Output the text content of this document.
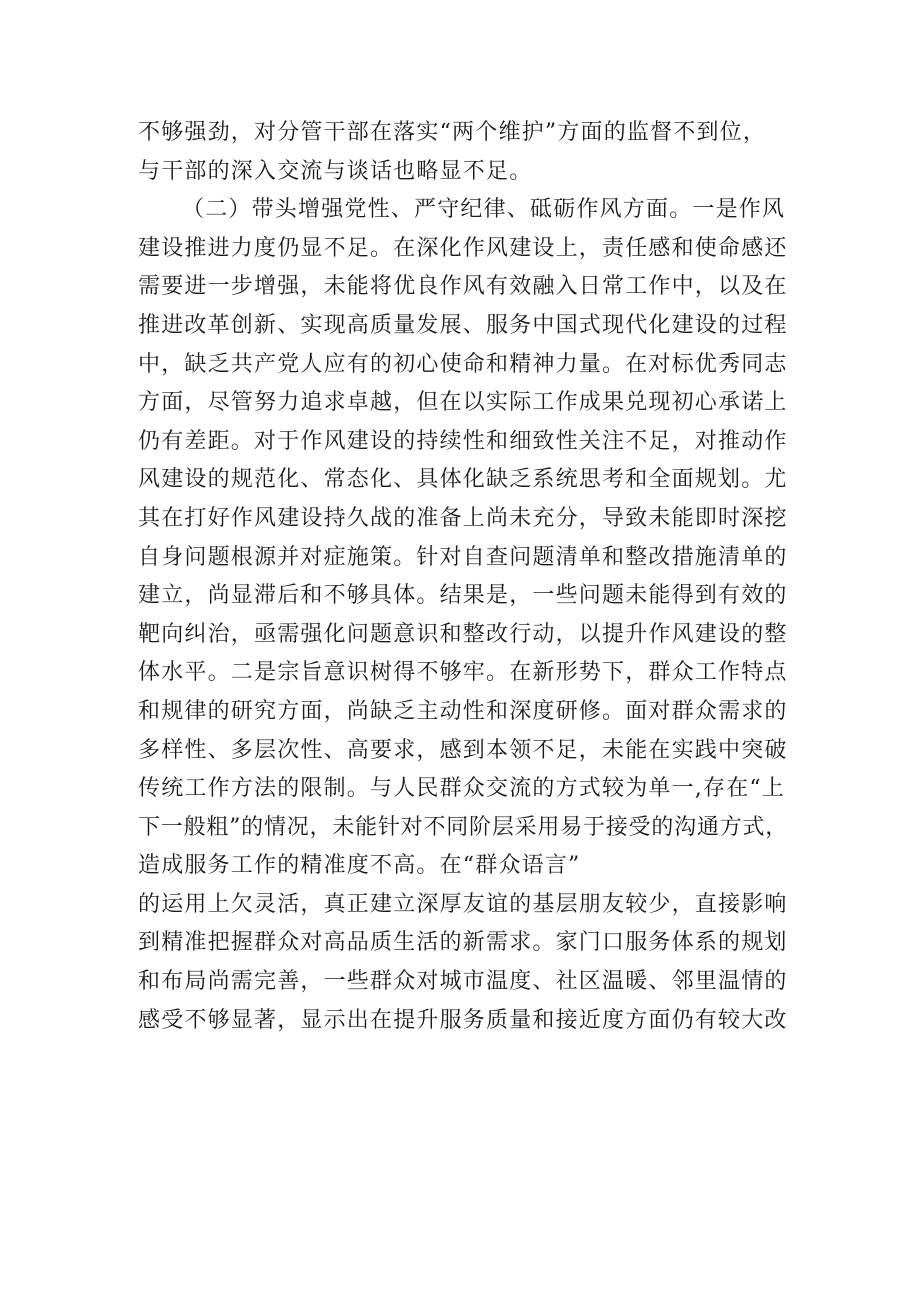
不够强劲，对分管干部在落实“两个维护”方面的监督不到位，
与干部的深入交流与谈话也略显不足。
（二）带头增强党性、严守纪律、砥砺作风方面。一是作风
建设推进力度仍显不足。在深化作风建设上，责任感和使命感还
需要进一步增强，未能将优良作风有效融入日常工作中，以及在
推进改革创新、实现高质量发展、服务中国式现代化建设的过程
中，缺乏共产党人应有的初心使命和精神力量。在对标优秀同志
方面，尽管努力追求卓越，但在以实际工作成果兑现初心承诺上
仍有差距。对于作风建设的持续性和细致性关注不足，对推动作
风建设的规范化、常态化、具体化缺乏系统思考和全面规划。尤
其在打好作风建设持久战的准备上尚未充分，导致未能即时深挖
自身问题根源并对症施策。针对自查问题清单和整改措施清单的
建立，尚显滞后和不够具体。结果是，一些问题未能得到有效的
靶向纠治，亟需强化问题意识和整改行动，以提升作风建设的整
体水平。二是宗旨意识树得不够牢。在新形势下，群众工作特点
和规律的研究方面，尚缺乏主动性和深度研修。面对群众需求的
多样性、多层次性、高要求，感到本领不足，未能在实践中突破
传统工作方法的限制。与人民群众交流的方式较为单一,存在“上
下一般粗”的情况，未能针对不同阶层采用易于接受的沟通方式，
造成服务工作的精准度不高。在“群众语言”
的运用上欠灵活，真正建立深厚友谊的基层朋友较少，直接影响
到精准把握群众对高品质生活的新需求。家门口服务体系的规划
和布局尚需完善，一些群众对城市温度、社区温暖、邻里温情的
感受不够显著，显示出在提升服务质量和接近度方面仍有较大改
